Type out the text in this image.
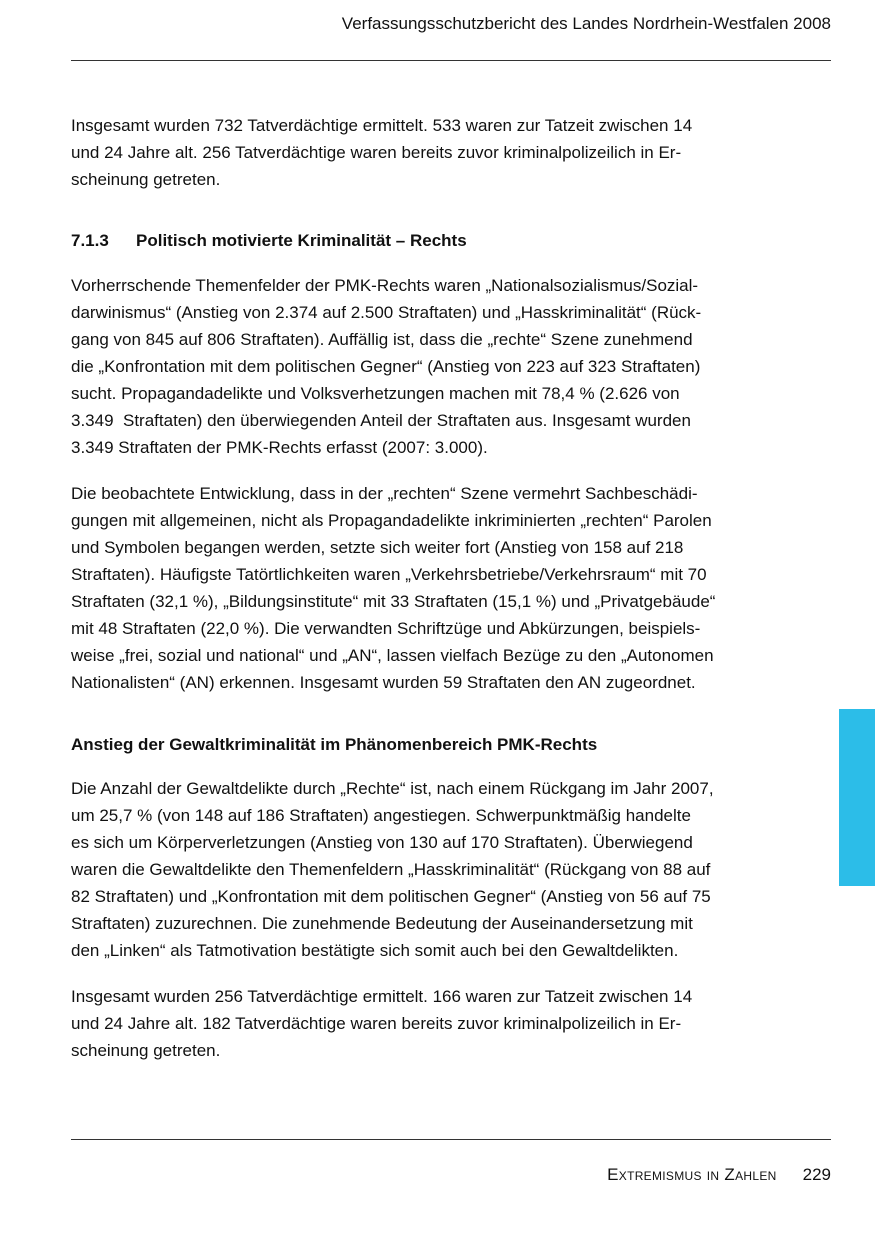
Verfassungsschutzbericht des Landes Nordrhein-Westfalen 2008

Insgesamt wurden 732 Tatverdächtige ermittelt. 533 waren zur Tatzeit zwischen 14
und 24 Jahre alt. 256 Tatverdächtige waren bereits zuvor kriminalpolizeilich in Er-
scheinung getreten.

7.1.3 Politisch motivierte Kriminalität – Rechts

Vorherrschende Themenfelder der PMK-Rechts waren „Nationalsozialismus/Sozial-
darwinismus“ (Anstieg von 2.374 auf 2.500 Straftaten) und „Hasskriminalität“ (Rück-
gang von 845 auf 806 Straftaten). Auffällig ist, dass die „rechte“ Szene zunehmend
die „Konfrontation mit dem politischen Gegner“ (Anstieg von 223 auf 323 Straftaten)
sucht. Propagandadelikte und Volksverhetzungen machen mit 78,4 % (2.626 von
3.349  Straftaten) den überwiegenden Anteil der Straftaten aus. Insgesamt wurden
3.349 Straftaten der PMK-Rechts erfasst (2007: 3.000).

Die beobachtete Entwicklung, dass in der „rechten“ Szene vermehrt Sachbeschädi-
gungen mit allgemeinen, nicht als Propagandadelikte inkriminierten „rechten“ Parolen
und Symbolen begangen werden, setzte sich weiter fort (Anstieg von 158 auf 218
Straftaten). Häufigste Tatörtlichkeiten waren „Verkehrsbetriebe/Verkehrsraum“ mit 70
Straftaten (32,1 %), „Bildungsinstitute“ mit 33 Straftaten (15,1 %) und „Privatgebäude“
mit 48 Straftaten (22,0 %). Die verwandten Schriftzüge und Abkürzungen, beispiels-
weise „frei, sozial und national“ und „AN“, lassen vielfach Bezüge zu den „Autonomen
Nationalisten“ (AN) erkennen. Insgesamt wurden 59 Straftaten den AN zugeordnet.

Anstieg der Gewaltkriminalität im Phänomenbereich PMK-Rechts

Die Anzahl der Gewaltdelikte durch „Rechte“ ist, nach einem Rückgang im Jahr 2007,
um 25,7 % (von 148 auf 186 Straftaten) angestiegen. Schwerpunktmäßig handelte
es sich um Körperverletzungen (Anstieg von 130 auf 170 Straftaten). Überwiegend
waren die Gewaltdelikte den Themenfeldern „Hasskriminalität“ (Rückgang von 88 auf
82 Straftaten) und „Konfrontation mit dem politischen Gegner“ (Anstieg von 56 auf 75
Straftaten) zuzurechnen. Die zunehmende Bedeutung der Auseinandersetzung mit
den „Linken“ als Tatmotivation bestätigte sich somit auch bei den Gewaltdelikten.

Insgesamt wurden 256 Tatverdächtige ermittelt. 166 waren zur Tatzeit zwischen 14
und 24 Jahre alt. 182 Tatverdächtige waren bereits zuvor kriminalpolizeilich in Er-
scheinung getreten.

Extremismus in Zahlen 229
